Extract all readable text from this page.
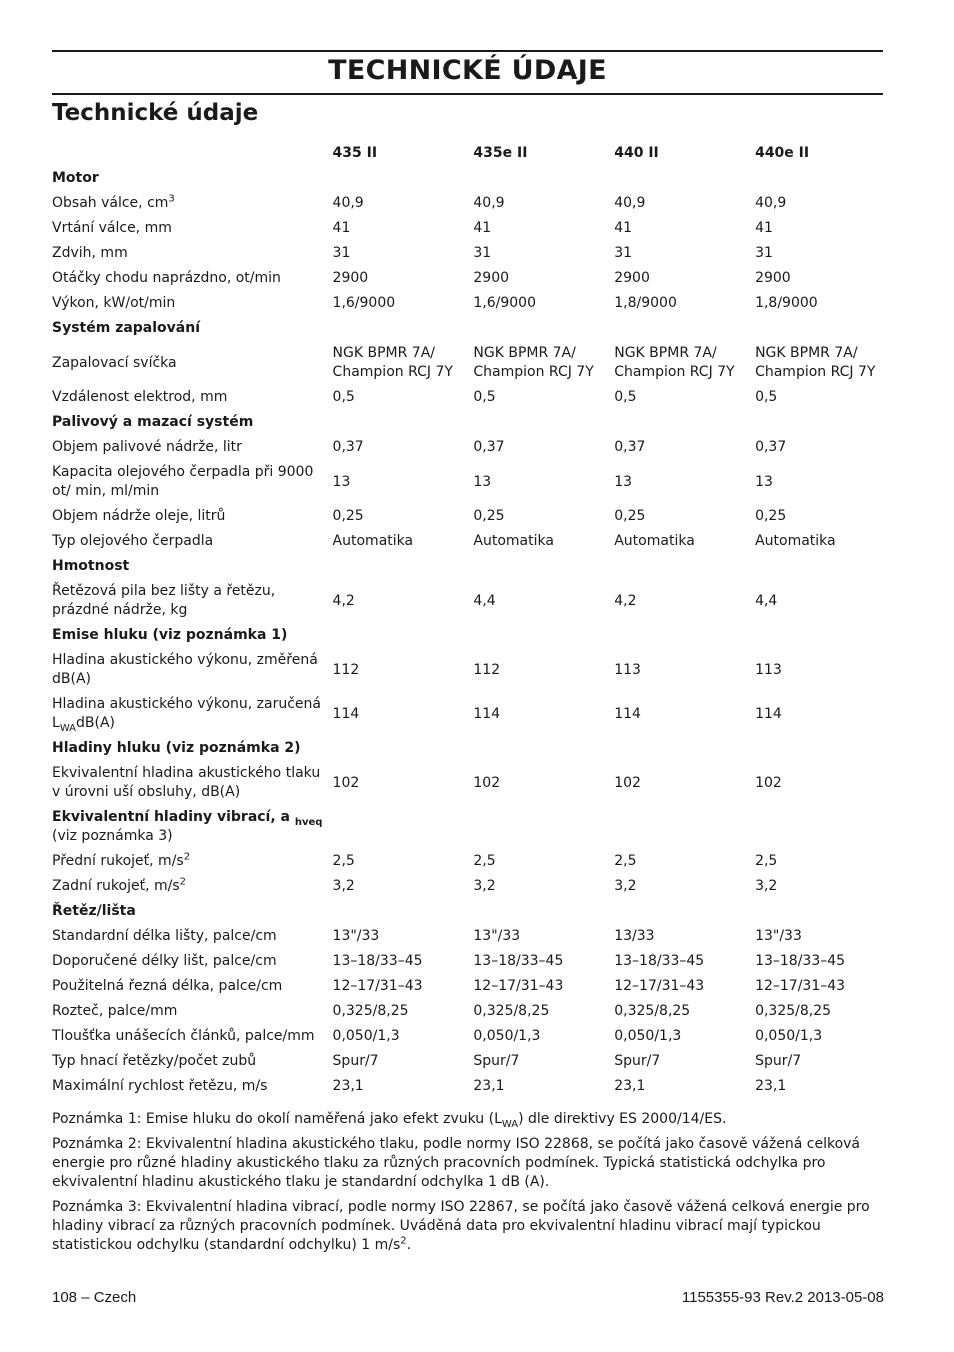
TECHNICKÉ ÚDAJE
Technické údaje
	435 II	435e II	440 II	440e II
Motor				
Obsah válce, $cm^3$	40,9	40,9	40,9	40,9
Vrtání válce, mm	41	41	41	41
Zdvih, mm	31	31	31	31
Otáčky chodu naprázdno, ot/min	2900	2900	2900	2900
Výkon, kW/ot/min	1,6/9000	1,6/9000	1,8/9000	1,8/9000
Systém zapalování				
Zapalovací svíčka	NGK BPMR 7A/ Champion RCJ 7Y	NGK BPMR 7A/ Champion RCJ 7Y	NGK BPMR 7A/ Champion RCJ 7Y	NGK BPMR 7A/ Champion RCJ 7Y
Vzdálenost elektrod, mm	0,5	0,5	0,5	0,5
Palivový a mazací systém				
Objem palivové nádrže, litr	0,37	0,37	0,37	0,37
Kapacita olejového čerpadla při 9000 ot/ min, ml/min	13	13	13	13
Objem nádrže oleje, litrů	0,25	0,25	0,25	0,25
Typ olejového čerpadla	Automatika	Automatika	Automatika	Automatika
Hmotnost				
Řetězová pila bez lišty a řetězu, prázdné nádrže, kg	4,2	4,4	4,2	4,4
Emise hluku (viz poznámka 1)				
Hladina akustického výkonu, změřená dB(A)	112	112	113	113
Hladina akustického výkonu, zaručená
$L_{WA}dB(A)$	114	114	114	114
Hladiny hluku (viz poznámka 2)				
Ekvivalentní hladina akustického tlaku v úrovni uší obsluhy, dB(A)	102	102	102	102
Ekvivalentní hladiny vibrací, a $_{hveq}$
(viz poznámka 3)				
Přední rukojeť, $m/s^2$	2,5	2,5	2,5	2,5
Zadní rukojeť, $m/s^2$	3,2	3,2	3,2	3,2
Řetěz/lišta				
Standardní délka lišty, palce/cm	13"/33	13"/33	13/33	13"/33
Doporučené délky lišt, palce/cm	13–18/33–45	13–18/33–45	13–18/33–45	13–18/33–45
Použitelná řezná délka, palce/cm	12–17/31–43	12–17/31–43	12–17/31–43	12–17/31–43
Rozteč, palce/mm	0,325/8,25	0,325/8,25	0,325/8,25	0,325/8,25
Tloušťka unášecích článků, palce/mm	0,050/1,3	0,050/1,3	0,050/1,3	0,050/1,3
Typ hnací řetězky/počet zubů	Spur/7	Spur/7	Spur/7	Spur/7
Maximální rychlost řetězu, m/s	23,1	23,1	23,1	23,1

Poznámka 1: Emise hluku do okolí naměřená jako efekt zvuku $(L_{WA})$ dle direktivy ES 2000/14/ES.

Poznámka 2: Ekvivalentní hladina akustického tlaku, podle normy ISO 22868, se počítá jako časově vážená celková energie pro různé hladiny akustického tlaku za různých pracovních podmínek. Typická statistická odchylka pro ekvivalentní hladinu akustického tlaku je standardní odchylka 1 dB (A).

Poznámka 3: Ekvivalentní hladina vibrací, podle normy ISO 22867, se počítá jako časově vážená celková energie pro hladiny vibrací za různých pracovních podmínek. Uváděná data pro ekvivalentní hladinu vibrací mají typickou statistickou odchylku (standardní odchylku) 1 $m/s^2$.

108 – Czech	1155355-93 Rev.2 2013-05-08
